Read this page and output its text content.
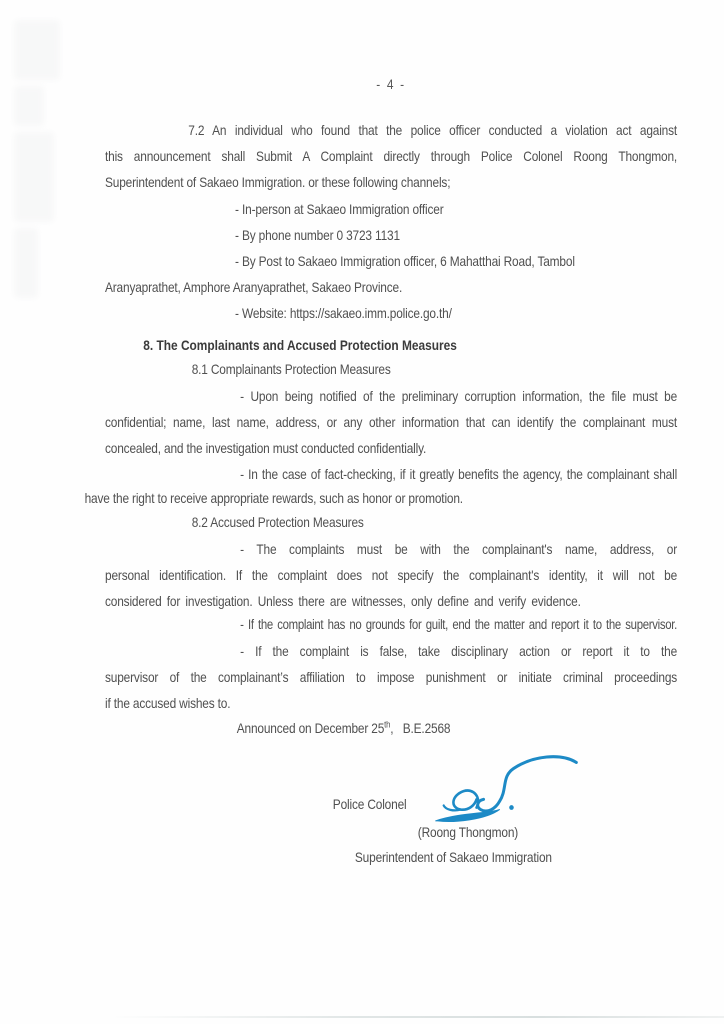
- 4 -
7.2 An individual who found that the police officer conducted a violation act against
this announcement shall Submit A Complaint directly through Police Colonel Roong Thongmon,
Superintendent of Sakaeo Immigration. or these following channels;
- In-person at Sakaeo Immigration officer
- By phone number 0 3723 1131
- By Post to Sakaeo Immigration officer, 6 Mahatthai Road, Tambol
Aranyaprathet, Amphore Aranyaprathet, Sakaeo Province.
- Website: https://sakaeo.imm.police.go.th/
8. The Complainants and Accused Protection Measures
8.1 Complainants Protection Measures
- Upon being notified of the preliminary corruption information, the file must be
confidential; name, last name, address, or any other information that can identify the complainant must
concealed, and the investigation must conducted confidentially.
- In the case of fact-checking, if it greatly benefits the agency, the complainant shall
have the right to receive appropriate rewards, such as honor or promotion.
8.2 Accused Protection Measures
- The complaints must be with the complainant's name, address, or
personal identification. If the complaint does not specify the complainant's identity, it will not be
considered for investigation. Unless there are witnesses, only define and verify evidence.
- If the complaint has no grounds for guilt, end the matter and report it to the supervisor.
- If the complaint is false, take disciplinary action or report it to the
supervisor of the complainant’s affiliation to impose punishment or initiate criminal proceedings
if the accused wishes to.
Announced on December 25th,   B.E.2568
Police Colonel
(Roong Thongmon)
Superintendent of Sakaeo Immigration
